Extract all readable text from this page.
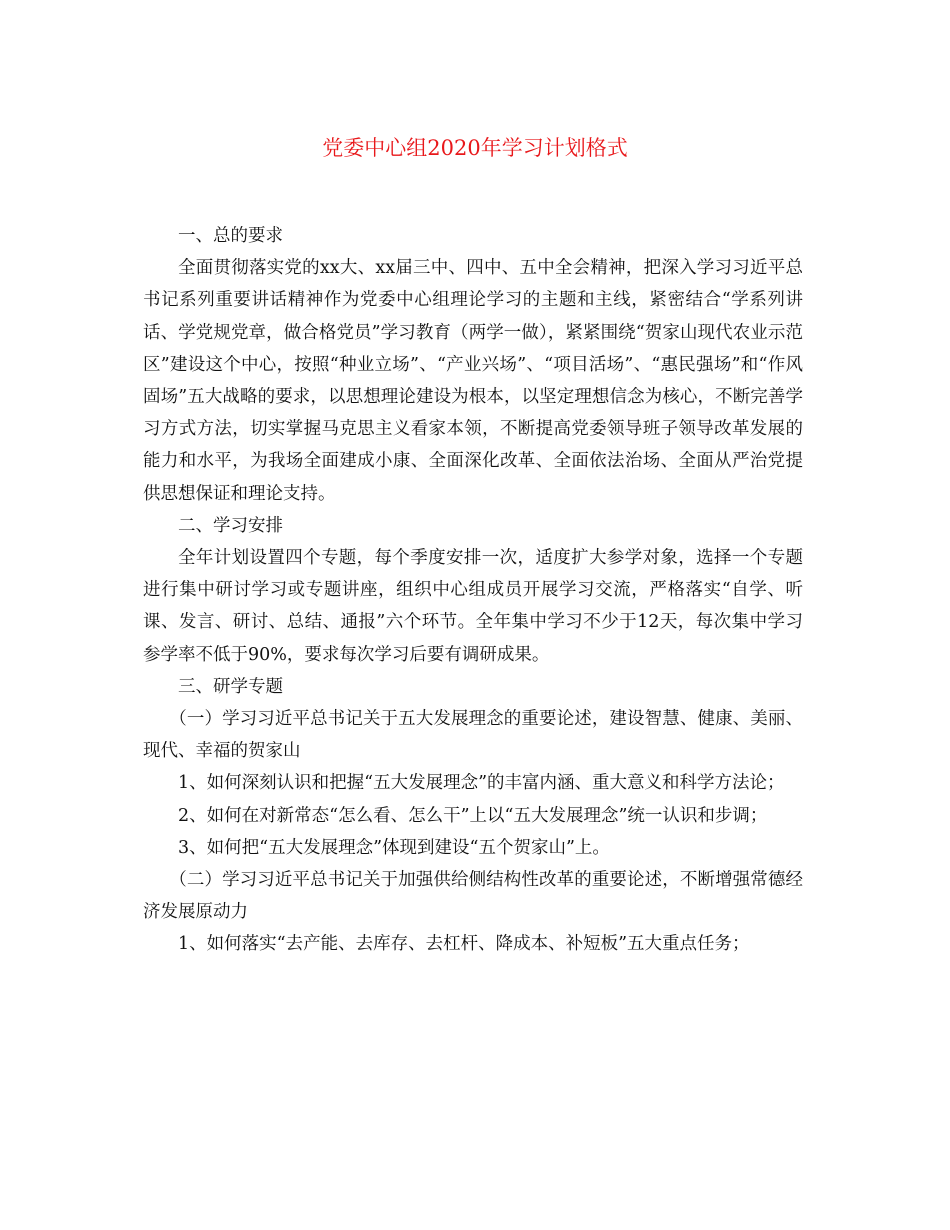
党委中心组2020年学习计划格式

一、总的要求

全面贯彻落实党的xx大、xx届三中、四中、五中全会精神，把深入学习习近平总书记系列重要讲话精神作为党委中心组理论学习的主题和主线，紧密结合“学系列讲话、学党规党章，做合格党员”学习教育（两学一做），紧紧围绕“贺家山现代农业示范区”建设这个中心，按照“种业立场”、“产业兴场”、“项目活场”、“惠民强场”和“作风固场”五大战略的要求，以思想理论建设为根本，以坚定理想信念为核心，不断完善学习方式方法，切实掌握马克思主义看家本领，不断提高党委领导班子领导改革发展的能力和水平，为我场全面建成小康、全面深化改革、全面依法治场、全面从严治党提供思想保证和理论支持。

二、学习安排

全年计划设置四个专题，每个季度安排一次，适度扩大参学对象，选择一个专题进行集中研讨学习或专题讲座，组织中心组成员开展学习交流，严格落实“自学、听课、发言、研讨、总结、通报”六个环节。全年集中学习不少于12天，每次集中学习参学率不低于90%，要求每次学习后要有调研成果。

三、研学专题

（一）学习习近平总书记关于五大发展理念的重要论述，建设智慧、健康、美丽、现代、幸福的贺家山

1、如何深刻认识和把握“五大发展理念”的丰富内涵、重大意义和科学方法论；

2、如何在对新常态“怎么看、怎么干”上以“五大发展理念”统一认识和步调；

3、如何把“五大发展理念”体现到建设“五个贺家山”上。

（二）学习习近平总书记关于加强供给侧结构性改革的重要论述，不断增强常德经济发展原动力

1、如何落实“去产能、去库存、去杠杆、降成本、补短板”五大重点任务；
